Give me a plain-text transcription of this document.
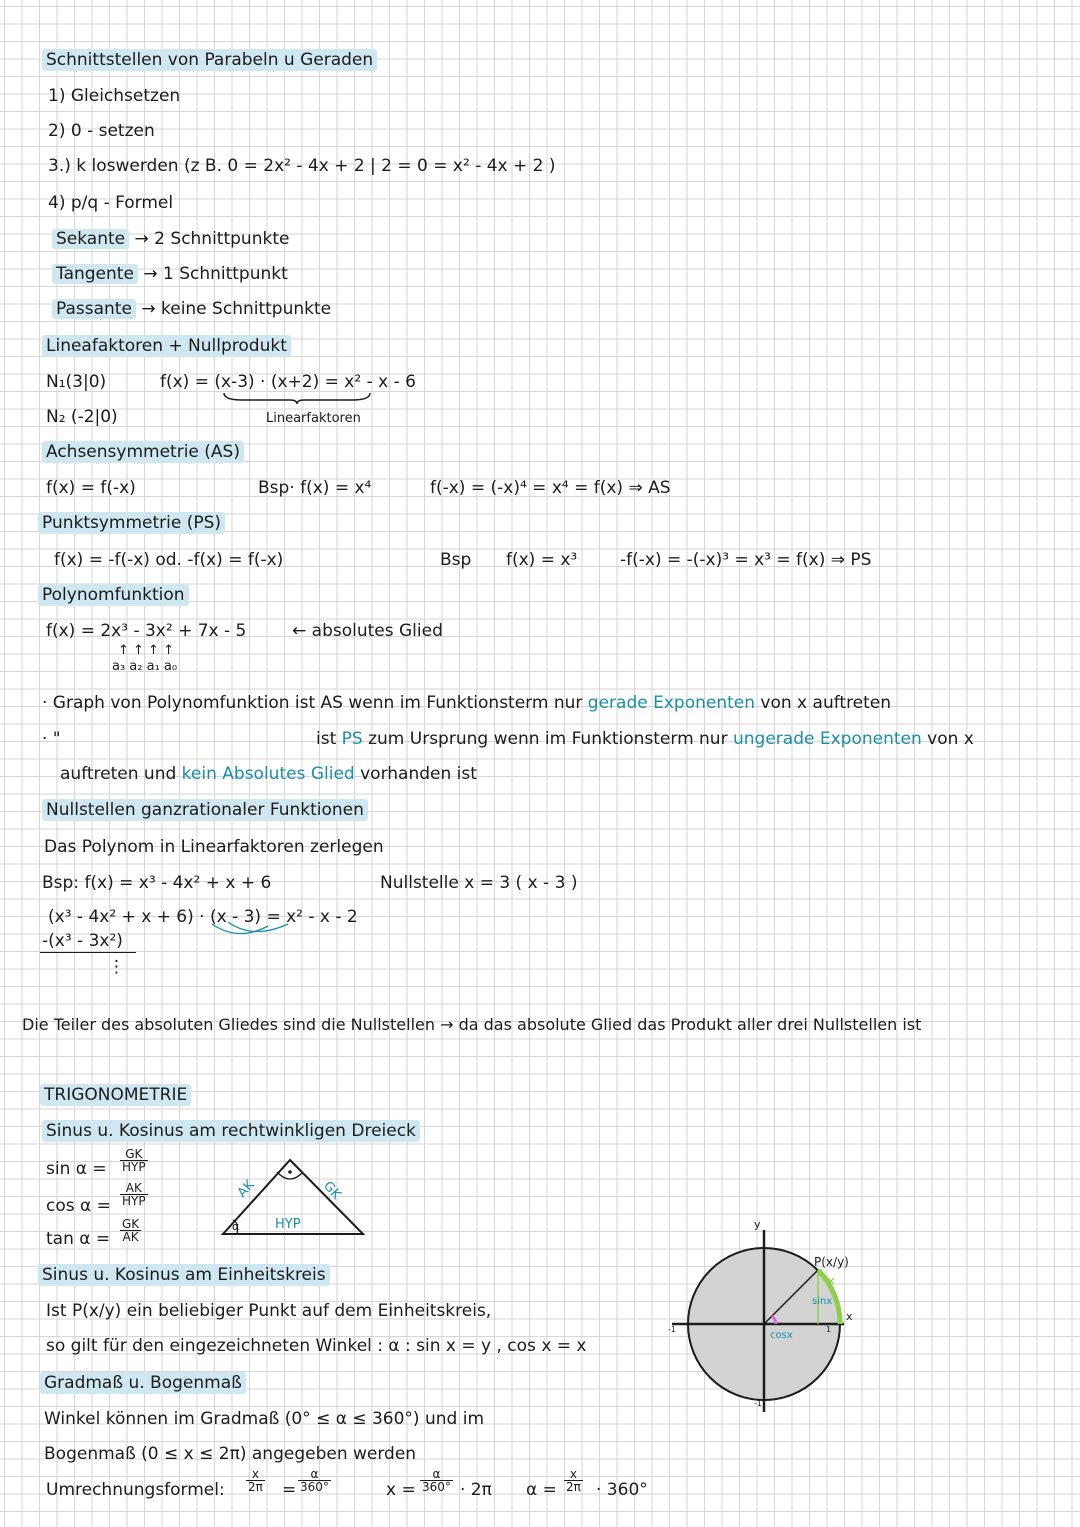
Schnittstellen von Parabeln u Geraden
1) Gleichsetzen
2) 0 - setzen
3.) k loswerden (z B. 0 = 2x² - 4x + 2 | 2 = 0 = x² - 4x + 2 )
4) p/q - Formel
Sekante → 2 Schnittpunkte
Tangente → 1 Schnittpunkt
Passante → keine Schnittpunkte
Lineafaktoren + Nullprodukt
N₁(3|0)
N₂ (-2|0)
f(x) = (x-3) · (x+2) = x² - x - 6
Linearfaktoren
Achsensymmetrie (AS)
f(x) = f(-x)	Bsp· f(x) = x⁴	f(-x) = (-x)⁴ = x⁴ = f(x) ⇒ AS
Punktsymmetrie (PS)
f(x) = -f(-x) od. -f(x) = f(-x)	Bsp f(x) = x³	-f(-x) = -(-x)³ = x³ = f(x) ⇒ PS
Polynomfunktion
f(x) = 2x³ - 3x² + 7x - 5	← absolutes Glied
↑ ↑ ↑ ↑
a₃ a₂ a₁ a₀
· Graph von Polynomfunktion ist AS wenn im Funktionsterm nur gerade Exponenten von x auftreten
· "	ist PS zum Ursprung wenn im Funktionsterm nur ungerade Exponenten von x
auftreten und kein Absolutes Glied vorhanden ist
Nullstellen ganzrationaler Funktionen
Das Polynom in Linearfaktoren zerlegen
Bsp: f(x) = x³ - 4x² + x + 6	Nullstelle x = 3 ( x - 3 )
(x³ - 4x² + x + 6) · (x - 3) = x² - x - 2
-(x³ - 3x²)
⋮
Die Teiler des absoluten Gliedes sind die Nullstellen → da das absolute Glied das Produkt aller drei Nullstellen ist
TRIGONOMETRIE
Sinus u. Kosinus am rechtwinkligen Dreieck
sin α =
GK
HYP
cos α =
AK
HYP
$\tan \alpha = \frac{GK}{AK}$
AK	GK
HYP
α
Sinus u. Kosinus am Einheitskreis
Ist P(x/y) ein beliebiger Punkt auf dem Einheitskreis,
so gilt für den eingezeichneten Winkel : α : sin x = y , cos x = x
×
P(x/y)
y
x
sinx
cosx
-1	1
-1
Gradmaß u. Bogenmaß
Winkel können im Gradmaß (0° ≤ α ≤ 360°) und im
Bogenmaß (0 ≤ x ≤ 2π) angegeben werden
Umrechnungsformel: $\frac{x}{2\pi} = \frac{\alpha}{360^\circ}$	$x = \frac{\alpha}{360^\circ} \cdot 2\pi$ $\alpha = \frac{x}{2\pi} \cdot 360^\circ$
